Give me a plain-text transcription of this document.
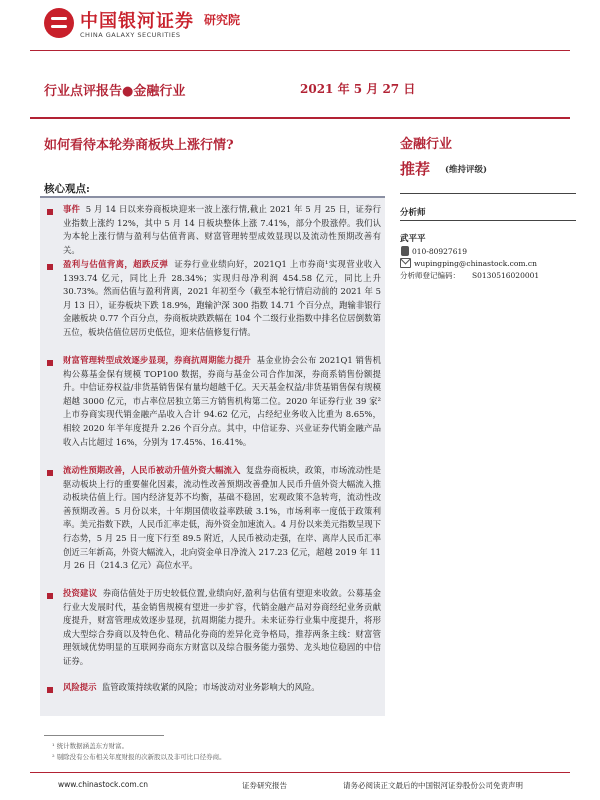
中国银河证券
CHINA GALAXY SECURITIES
研究院
行业点评报告●金融行业	2021 年 5 月 27 日
如何看待本轮券商板块上涨行情?	金融行业
推荐 (维持评级)
分析师
武平平
010-80927619
wupingping@chinastock.com.cn
分析师登记编码： S0130516020001
核心观点:
事件 5 月 14 日以来券商板块迎来一波上涨行情,截止 2021 年 5 月 25 日，证券行业指数上涨约 12%，其中 5 月 14 日板块整体上涨 7.41%，部分个股涨停。我们认为本轮上涨行情与盈利与估值背离、财富管理转型成效显现以及流动性预期改善有关。
盈利与估值背离，超跌反弹 证券行业业绩向好，2021Q1 上市券商¹实现营业收入 1393.74 亿元，同比上升 28.34%；实现归母净利润 454.58 亿元，同比上升 30.73%。然而估值与盈利背离，2021 年初至今（截至本轮行情启动前的 2021 年 5 月 13 日），证券板块下跌 18.9%，跑输沪深 300 指数 14.71 个百分点，跑输非银行金融板块 0.77 个百分点，券商板块跌跌幅在 104 个二级行业指数中排名位居倒数第五位，板块估值位居历史低位，迎来估值修复行情。
财富管理转型成效逐步显现，券商抗周期能力提升 基金业协会公布 2021Q1 销售机构公募基金保有规模 TOP100 数据，券商与基金公司合作加深，券商系销售份额提升。中信证券权益/非货基销售保有量均超越千亿。天天基金权益/非货基销售保有规模超越 3000 亿元，市占率位居独立第三方销售机构第二位。2020 年证券行业 39 家²上市券商实现代销金融产品收入合计 94.62 亿元，占经纪业务收入比重为 8.65%，相较 2020 年半年度提升 2.26 个百分点。其中，中信证券、兴业证券代销金融产品收入占比超过 16%，分别为 17.45%、16.41%。
流动性预期改善，人民币被动升值外资大幅流入 复盘券商板块，政策，市场流动性是驱动板块上行的重要催化因素，流动性改善预期改善叠加人民币升值外资大幅流入推动板块估值上行。国内经济复苏不均衡，基础不稳固，宏观政策不急转弯，流动性改善预期改善。5 月份以来，十年期国债收益率跌破 3.1%，市场利率一度低于政策利率。美元指数下跌，人民币汇率走低，海外资金加速流入。4 月份以来美元指数呈现下行态势，5 月 25 日一度下行至 89.5 附近，人民币被动走强，在岸、离岸人民币汇率创近三年新高，外资大幅流入，北向资金单日净流入 217.23 亿元，超越 2019 年 11 月 26 日（214.3 亿元）高位水平。
投资建议 券商估值处于历史较低位置,业绩向好,盈利与估值有望迎来收敛。公募基金行业大发展时代，基金销售规模有望进一步扩容，代销金融产品对券商经纪业务贡献度提升，财富管理成效逐步显现，抗周期能力提升。未来证券行业集中度提升，将形成大型综合券商以及特色化、精品化券商的差异化竞争格局，推荐两条主线：财富管理领域优势明显的互联网券商东方财富以及综合服务能力强势、龙头地位稳固的中信证券。
风险提示 监管政策持续收紧的风险；市场波动对业务影响大的风险。
¹ 统计数据涵盖东方财富。
² 剔除没有公布相关年度财报的次新股以及非可比口径券商。
www.chinastock.com.cn	证券研究报告	请务必阅读正文最后的中国银河证券股份公司免责声明
